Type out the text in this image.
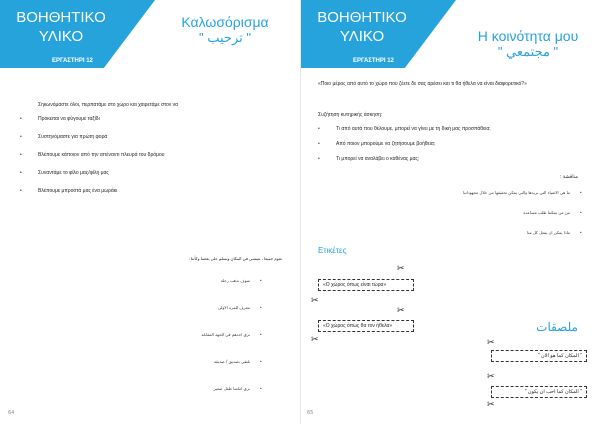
ΒΟΗΘΗΤΙΚΟ ΥΛΙΚΟ
ΕΡΓΑΣΤΗΡΙ 12
Καλωσόρισμα
" ترحيب "
Σηκωνόμαστε όλοι, περπατάμε στο χώρο και χαιρετάμε στον να
• Πρόκειται να φύγουμε ταξίδι
• Συστηνόμαστε για πρώτη φορά
• Βλέπουμε κάποιον από την απέναντι πλευρά του δρόμου
• Συναντάμε το φίλο μας/φίλη μας
• Βλέπουμε μπροστά μας ένα μωράκι
نقوم جميعا ، نتمشى في المكان ونسلم على بعضنا وكأننا :
• سوف نذهب رحلة
• نتعرف للمرة الاولى
• نري احدهم في الجهة المقابلة
• نلتقي بصديق / صديقة
• نري امامنا طفل صغير
64
ΒΟΗΘΗΤΙΚΟ ΥΛΙΚΟ
ΕΡΓΑΣΤΗΡΙ 12
Η κοινότητα μου
" مجتمعي "
«Ποιο μέρος από αυτό το χώρο που ζέετε δε σας αρέσει και τι θα ήθελα να είναι διαφορετικό?»
Συζήτηση κυτηρικής άσκηση:
• Τι από αυτά που θέλουμε, μπορεί να γίνει με τη δική μας προσπάθεια;
• Από ποιον μπορούμε να ζητήσουμε βοήθεια;
• Τι μπορεί να αναλάβει ο καθένας μας;
مناقشة :
• ما هي الاشياء التي نريدها والتي يمكن تحقيقها من خلال مجهوداتنا
• من من يمكننا طلب مساعدة
• ماذا يمكن ان يفعل كل منا
Ετικέτες
✂
«Ο χώρος όπως είναι τώρα»
✂
✂
«Ο χώρος όπως θα τον ήθελα»
✂
ملصقات
✂
" المكان كما هو الان "
✂
" المكان كما احب ان يكون "
✂
65
